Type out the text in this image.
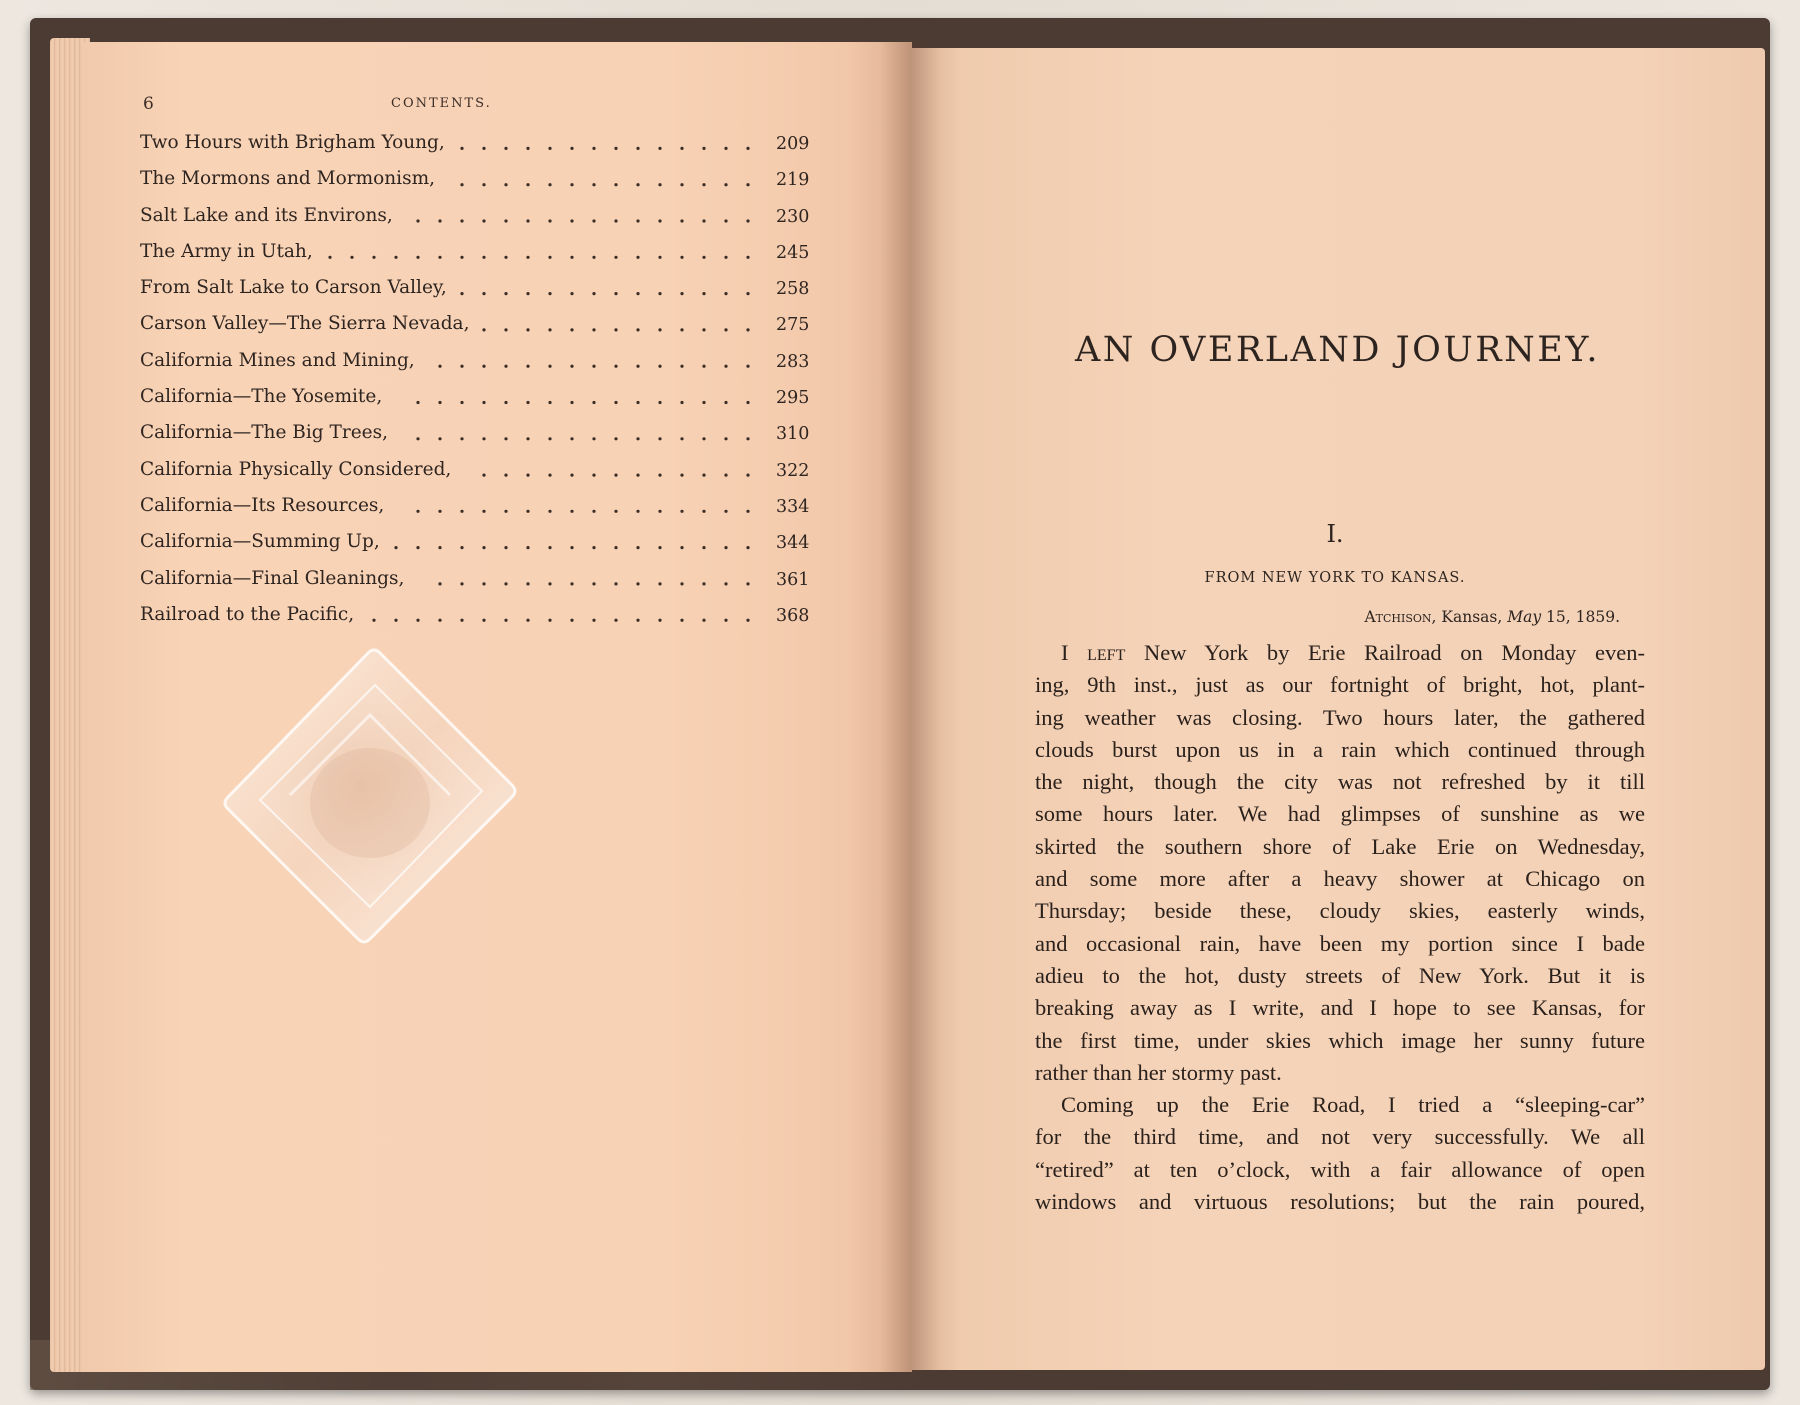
6	CONTENTS.
Two Hours with Brigham Young,	209
The Mormons and Mormonism,	219
Salt Lake and its Environs,	230
The Army in Utah,	245
From Salt Lake to Carson Valley,	258
Carson Valley—The Sierra Nevada,	275
California Mines and Mining,	283
California—The Yosemite,	295
California—The Big Trees,	310
California Physically Considered,	322
California—Its Resources,	334
California—Summing Up,	344
California—Final Gleanings,	361
Railroad to the Pacific,	368
AN OVERLAND JOURNEY.
I.
FROM NEW YORK TO KANSAS.
Atchison, Kansas, May 15, 1859.
I left New York by Erie Railroad on Monday even-
ing, 9th inst., just as our fortnight of bright, hot, plant-
ing weather was closing. Two hours later, the gathered
clouds burst upon us in a rain which continued through
the night, though the city was not refreshed by it till
some hours later. We had glimpses of sunshine as we
skirted the southern shore of Lake Erie on Wednesday,
and some more after a heavy shower at Chicago on
Thursday; beside these, cloudy skies, easterly winds,
and occasional rain, have been my portion since I bade
adieu to the hot, dusty streets of New York. But it is
breaking away as I write, and I hope to see Kansas, for
the first time, under skies which image her sunny future
rather than her stormy past.
Coming up the Erie Road, I tried a “sleeping-car”
for the third time, and not very successfully. We all
“retired” at ten o’clock, with a fair allowance of open
windows and virtuous resolutions; but the rain poured,
